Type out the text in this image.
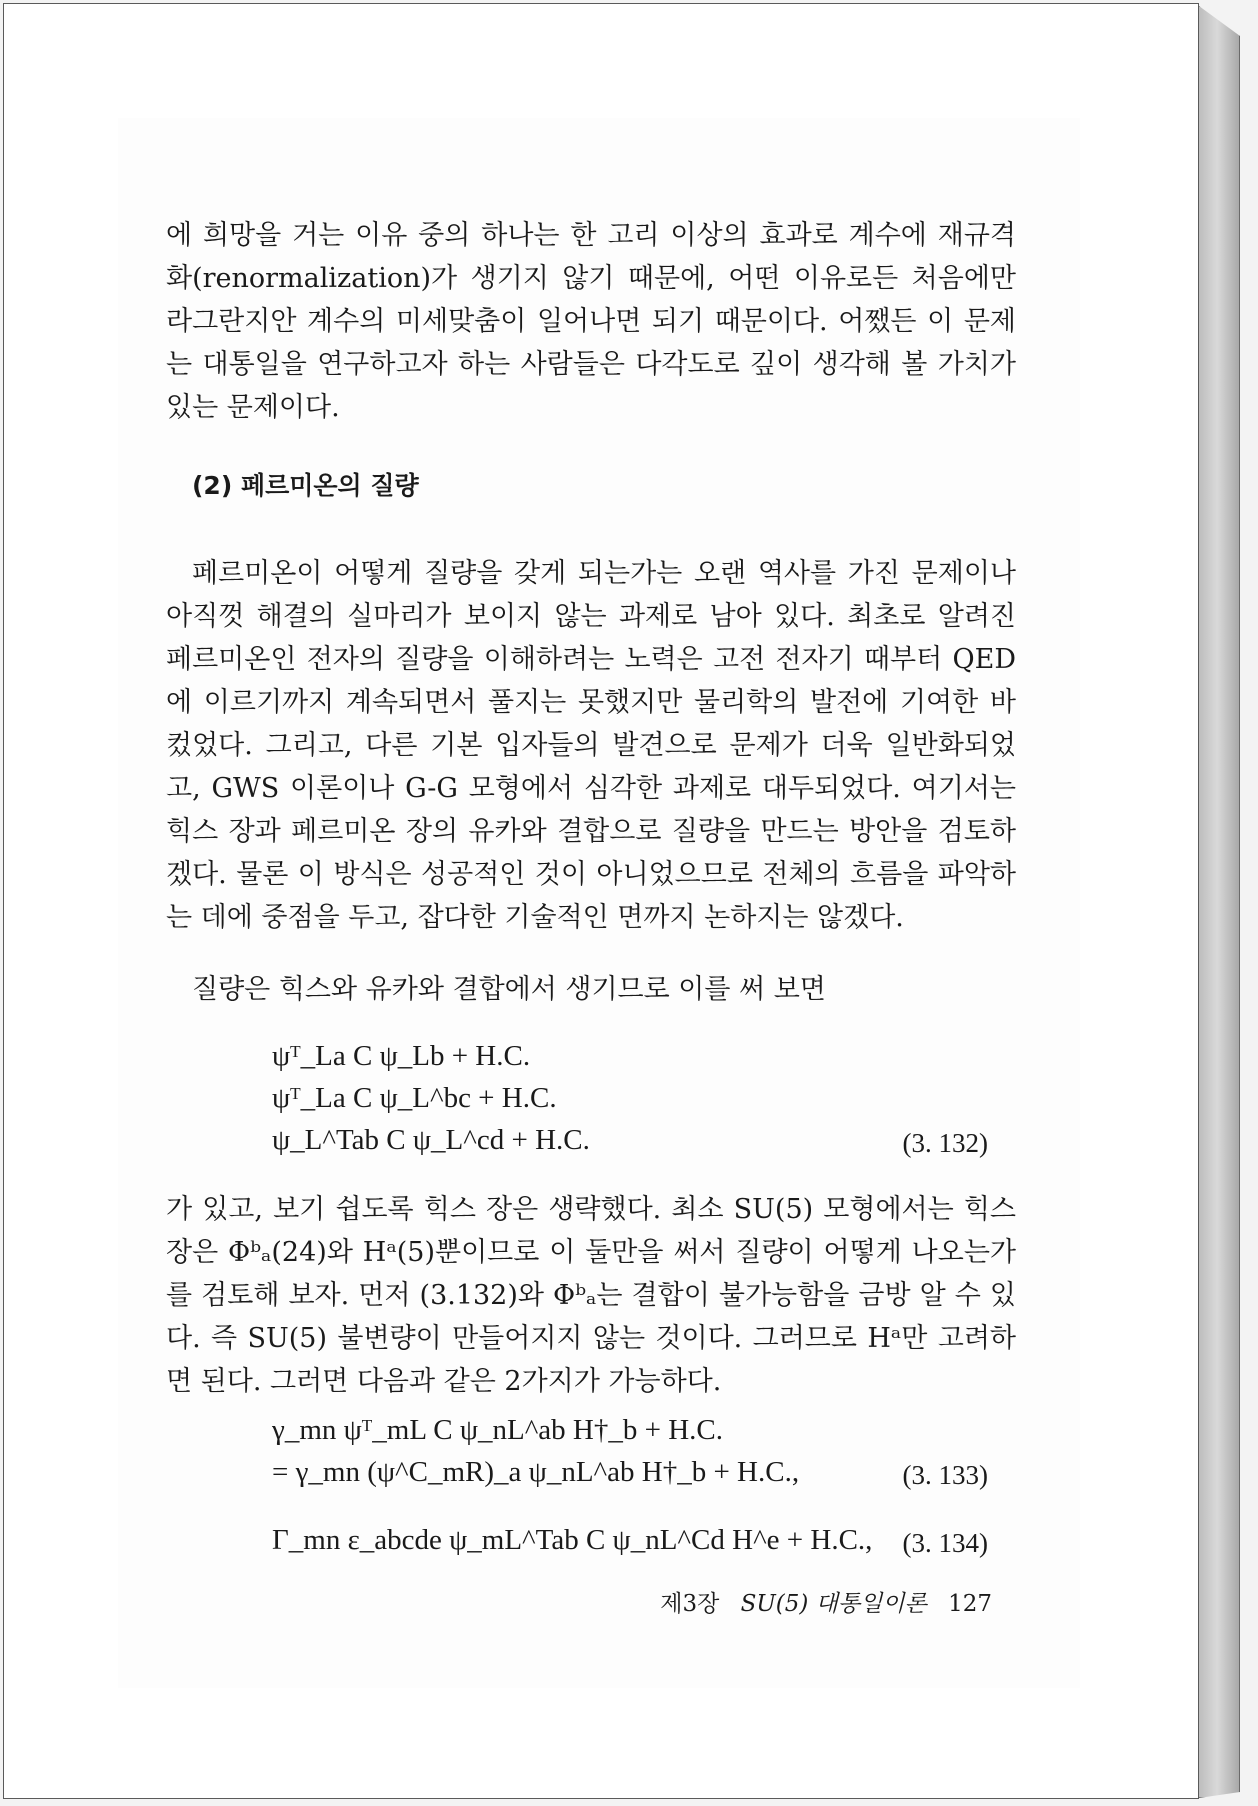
에 희망을 거는 이유 중의 하나는 한 고리 이상의 효과로 계수에 재규격화(renormalization)가 생기지 않기 때문에, 어떤 이유로든 처음에만 라그란지안 계수의 미세맞춤이 일어나면 되기 때문이다. 어쨌든 이 문제는 대통일을 연구하고자 하는 사람들은 다각도로 깊이 생각해 볼 가치가 있는 문제이다.

(2) 페르미온의 질량

페르미온이 어떻게 질량을 갖게 되는가는 오랜 역사를 가진 문제이나 아직껏 해결의 실마리가 보이지 않는 과제로 남아 있다. 최초로 알려진 페르미온인 전자의 질량을 이해하려는 노력은 고전 전자기 때부터 QED에 이르기까지 계속되면서 풀지는 못했지만 물리학의 발전에 기여한 바 컸었다. 그리고, 다른 기본 입자들의 발견으로 문제가 더욱 일반화되었고, GWS 이론이나 G-G 모형에서 심각한 과제로 대두되었다. 여기서는 힉스 장과 페르미온 장의 유카와 결합으로 질량을 만드는 방안을 검토하겠다. 물론 이 방식은 성공적인 것이 아니었으므로 전체의 흐름을 파악하는 데에 중점을 두고, 잡다한 기술적인 면까지 논하지는 않겠다.

질량은 힉스와 유카와 결합에서 생기므로 이를 써 보면

ψᵀ_La C ψ_Lb + H.C.
ψᵀ_La C ψ_L^bc + H.C.
ψ_L^Tab C ψ_L^cd + H.C.	(3. 132)

가 있고, 보기 쉽도록 힉스 장은 생략했다. 최소 SU(5) 모형에서는 힉스 장은 Φᵇₐ(24)와 Hᵃ(5)뿐이므로 이 둘만을 써서 질량이 어떻게 나오는가를 검토해 보자. 먼저 (3.132)와 Φᵇₐ는 결합이 불가능함을 금방 알 수 있다. 즉 SU(5) 불변량이 만들어지지 않는 것이다. 그러므로 Hᵃ만 고려하면 된다. 그러면 다음과 같은 2가지가 가능하다.

γ_mn ψᵀ_mL C ψ_nL^ab H†_b + H.C.
= γ_mn (ψ^C_mR)_a ψ_nL^ab H†_b + H.C.,	(3. 133)
Γ_mn ε_abcde ψ_mL^Tab C ψ_nL^Cd H^e + H.C., (3. 134)
제3장 SU(5) 대통일이론 127
